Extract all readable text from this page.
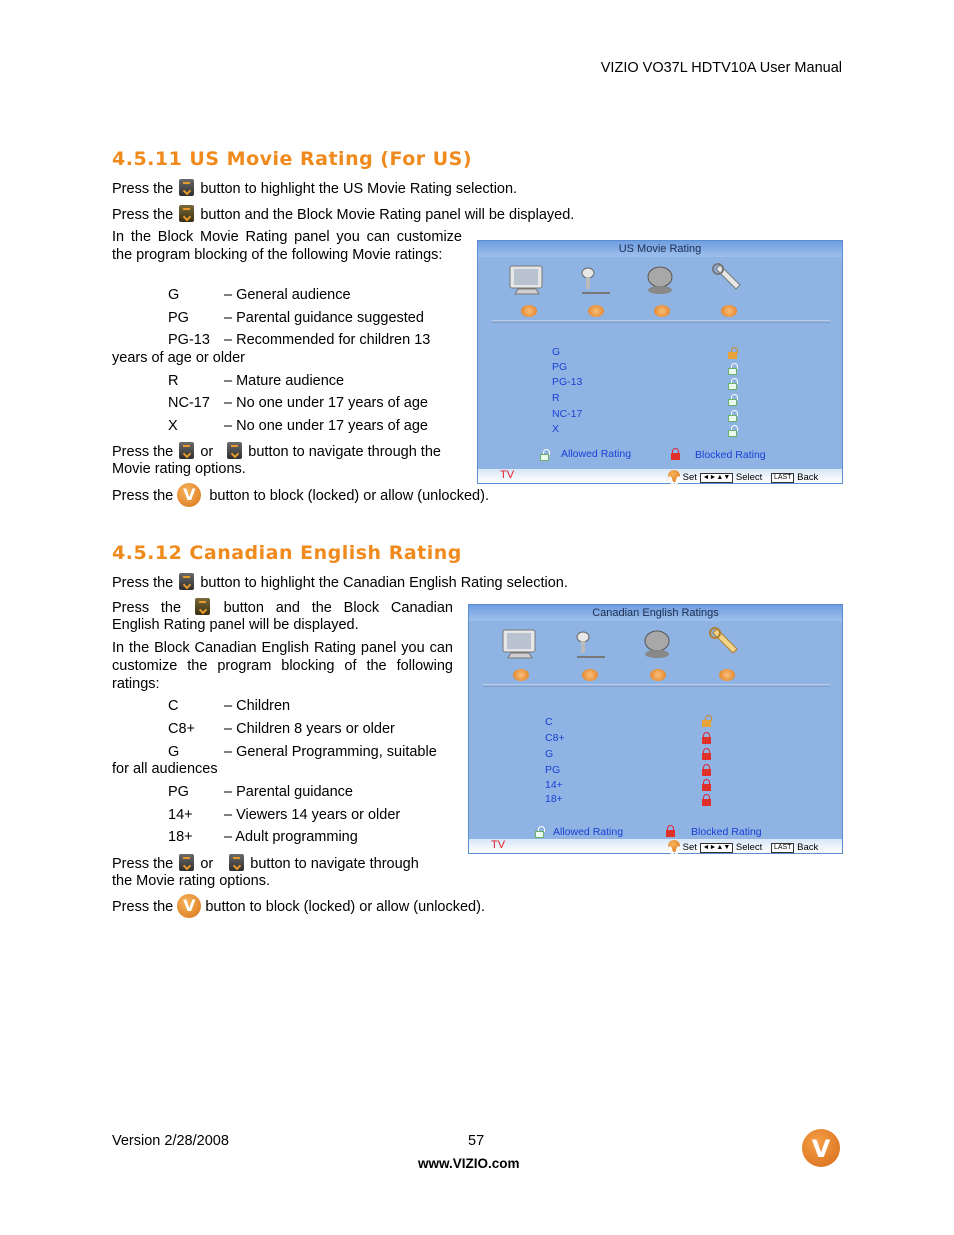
VIZIO VO37L HDTV10A User Manual
4.5.11 US Movie Rating (For US)
Press the button to highlight the US Movie Rating selection.
Press the button and the Block Movie Rating panel will be displayed.
In the Block Movie Rating panel you can customize the program blocking of the following Movie ratings:
G	– General audience
PG – Parental guidance suggested
PG-13 – Recommended for children 13
years of age or older
R	– Mature audience
NC-17 – No one under 17 years of age
X	– No one under 17 years of age
Press the or button to navigate through the
Movie rating options.
Press the V button to block (locked) or allow (unlocked).
US Movie Rating
G
PG
PG-13
R
NC-17
X
Allowed Rating	Blocked Rating
TV V	Set ◄►▲▼ Select LAST Back
4.5.12 Canadian English Rating
Press the button to highlight the Canadian English Rating selection.
Press the	button and the Block Canadian
English Rating panel will be displayed.
In the Block Canadian English Rating panel you can customize the program blocking of the following ratings:
C	– Children
C8+ – Children 8 years or older
G	– General Programming, suitable
for all audiences
PG – Parental guidance
14+ – Viewers 14 years or older
18+ – Adult programming
Press the or	button to navigate through
the Movie rating options.
Press the V button to block (locked) or allow (unlocked).
Canadian English Ratings
C
C8+
G
PG
14+
18+
Allowed Rating	Blocked Rating
TV V	Set ◄►▲▼ Select LAST Back
Version 2/28/2008	57
www.VIZIO.com
V
